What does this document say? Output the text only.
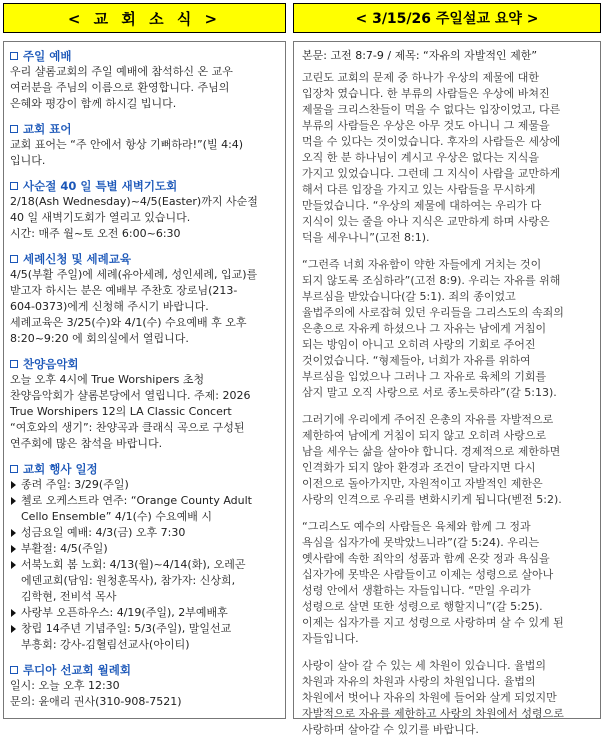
< 교 회 소 식 >	< 3/15/26 주일설교 요약 >
주일 예배

우리 샬롬교회의 주일 예배에 참석하신 온 교우
여러분을 주님의 이름으로 환영합니다. 주님의
은혜와 평강이 함께 하시길 빕니다.

교회 표어

교회 표어는 “주 안에서 항상 기뻐하라!”(빌 4:4)
입니다.

사순절 40 일 특별 새벽기도회

2/18(Ash Wednesday)~4/5(Easter)까지 사순절
40 일 새벽기도회가 열리고 있습니다.
시간: 매주 월~토 오전 6:00~6:30

세례신청 및 세례교육

4/5(부활 주일)에 세례(유아세례, 성인세례, 입교)를
받고자 하시는 분은 예배부 주찬호 장로님(213-
604-0373)에게 신청해 주시기 바랍니다.
세례교육은 3/25(수)와 4/1(수) 수요예배 후 오후
8:20~9:20 에 회의실에서 열립니다.

찬양음악회

오늘 오후 4시에 True Worshipers 초청
찬양음악회가 샬롬본당에서 열립니다. 주제: 2026
True Worshipers 12의 LA Classic Concert
“여호와의 생기”: 찬양곡과 클래식 곡으로 구성된
연주회에 많은 참석을 바랍니다.

교회 행사 일정
종려 주일: 3/29(주일)
첼로 오케스트라 연주: “Orange County Adult
Cello Ensemble” 4/1(수) 수요예배 시
성금요일 예배: 4/3(금) 오후 7:30
부활절: 4/5(주일)
서북노회 봄 노회: 4/13(월)~4/14(화), 오레곤
에덴교회(담임: 원청훈목사), 참가자: 신상희,
김학현, 전비석 목사
사랑부 오픈하우스: 4/19(주일), 2부예배후
창립 14주년 기념주일: 5/3(주일), 말일선교
부흥회: 강사-김혈림선교사(아이티)
루디아 선교회 월례회

일시: 오늘 오후 12:30
문의: 윤애리 권사(310-908-7521)

본문: 고전 8:7-9 / 제목: “자유의 자발적인 제한”

고린도 교회의 문제 중 하나가 우상의 제물에 대한
입장차 였습니다. 한 부류의 사람들은 우상에 바쳐진
제물을 크리스찬들이 먹을 수 없다는 입장이었고, 다른
부류의 사람들은 우상은 아무 것도 아니니 그 제물을
먹을 수 있다는 것이었습니다. 후자의 사람들은 세상에
오직 한 분 하나님이 계시고 우상은 없다는 지식을
가지고 있었습니다. 그런데 그 지식이 사람을 교만하게
해서 다른 입장을 가지고 있는 사람들을 무시하게
만들었습니다. “우상의 제물에 대하여는 우리가 다
지식이 있는 줄을 아나 지식은 교만하게 하며 사랑은
덕을 세우나니”(고전 8:1).

“그런즉 너희 자유함이 약한 자들에게 거치는 것이
되지 않도록 조심하라”(고전 8:9). 우리는 자유를 위해
부르심을 받았습니다(갈 5:1). 죄의 종이었고
율법주의에 사로잡혀 있던 우리들을 그리스도의 속죄의
은총으로 자유케 하셨으나 그 자유는 남에게 거침이
되는 방임이 아니고 오히려 사랑의 기회로 주어진
것이었습니다. “형제들아, 너희가 자유를 위하여
부르심을 입었으나 그러나 그 자유로 육체의 기회를
삼지 말고 오직 사랑으로 서로 종노릇하라”(갈 5:13).

그러기에 우리에게 주어진 은총의 자유를 자발적으로
제한하여 남에게 거침이 되지 않고 오히려 사랑으로
남을 세우는 삶을 살아야 합니다. 경제적으로 제한하면
인격화가 되지 않아 환경과 조건이 달라지면 다시
이전으로 돌아가지만, 자원적이고 자발적인 제한은
사랑의 인격으로 우리를 변화시키게 됩니다(벧전 5:2).

“그리스도 예수의 사람들은 육체와 함께 그 정과
욕심을 십자가에 못박았느니라”(갈 5:24). 우리는
옛사람에 속한 죄악의 성품과 함께 온갖 정과 욕심을
십자가에 못박은 사람들이고 이제는 성령으로 살아나
성령 안에서 생활하는 자들입니다. “만일 우리가
성령으로 살면 또한 성령으로 행할지니”(갈 5:25).
이제는 십자가를 지고 성령으로 사랑하며 살 수 있게 된
자들입니다.

사랑이 살아 갈 수 있는 세 차원이 있습니다. 율법의
차원과 자유의 차원과 사랑의 차원입니다. 율법의
차원에서 벗어나 자유의 차원에 들어와 살게 되었지만
자발적으로 자유를 제한하고 사랑의 차원에서 성령으로
사랑하며 살아갈 수 있기를 바랍니다.
